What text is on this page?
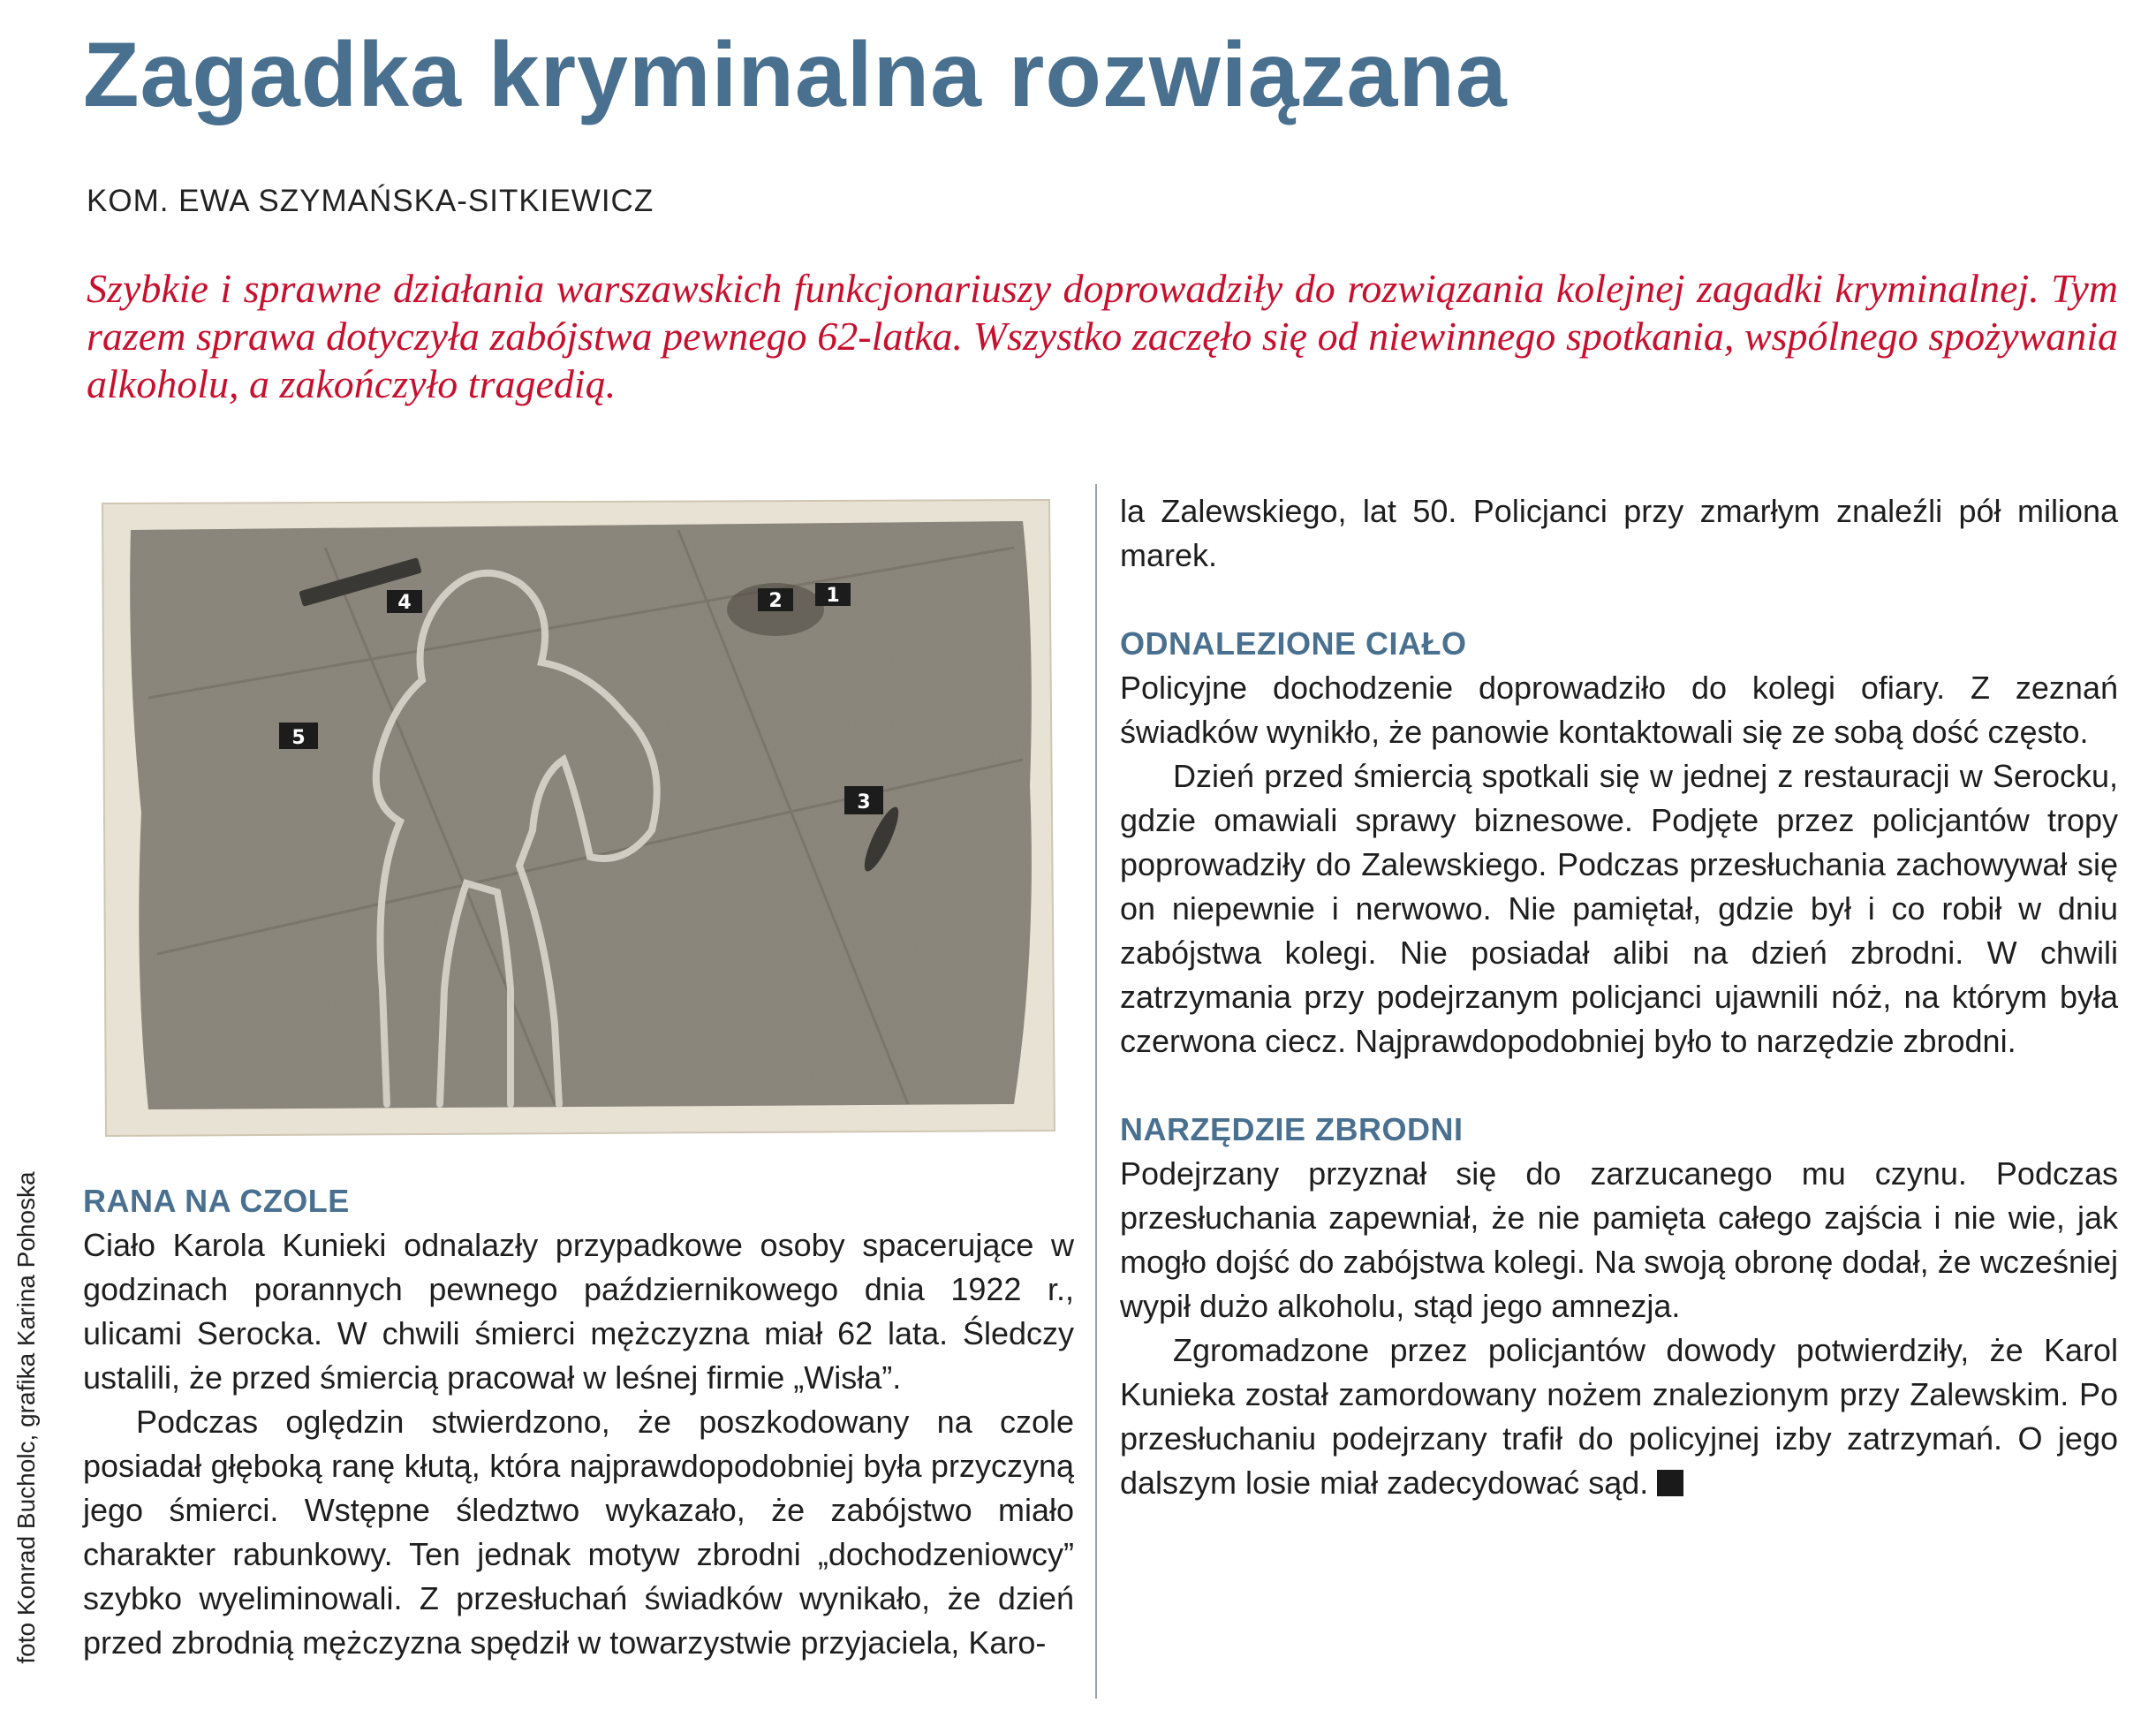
Zagadka kryminalna rozwiązana
KOM. EWA SZYMAŃSKA-SITKIEWICZ

Szybkie i sprawne działania warszawskich funkcjonariuszy doprowadziły do rozwiązania kolejnej zagadki kryminalnej. Tym razem sprawa dotyczyła zabójstwa pewnego 62-latka. Wszystko zaczęło się od niewinnego spotkania, wspólnego spożywania alkoholu, a zakończyło tragedią.

foto Konrad Bucholc, grafika Karina Pohoska
1
2
3
4
5
RANA NA CZOLE

Ciało Karola Kunieki odnalazły przypadkowe osoby spacerujące w godzinach porannych pewnego październikowego dnia 1922 r., ulicami Serocka. W chwili śmierci mężczyzna miał 62 lata. Śledczy ustalili, że przed śmiercią pracował w leśnej firmie „Wisła”.

Podczas oględzin stwierdzono, że poszkodowany na czole posiadał głęboką ranę kłutą, która najprawdopodobniej była przyczyną jego śmierci. Wstępne śledztwo wykazało, że zabójstwo miało charakter rabunkowy. Ten jednak motyw zbrodni „dochodzeniowcy” szybko wyeliminowali. Z przesłuchań świadków wynikało, że dzień przed zbrodnią mężczyzna spędził w towarzystwie przyjaciela, Karo-

la Zalewskiego, lat 50. Policjanci przy zmarłym znaleźli pół miliona marek.

ODNALEZIONE CIAŁO

Policyjne dochodzenie doprowadziło do kolegi ofiary. Z zeznań świadków wynikło, że panowie kontaktowali się ze sobą dość często.

Dzień przed śmiercią spotkali się w jednej z restauracji w Serocku, gdzie omawiali sprawy biznesowe. Podjęte przez policjantów tropy poprowadziły do Zalewskiego. Podczas przesłuchania zachowywał się on niepewnie i nerwowo. Nie pamiętał, gdzie był i co robił w dniu zabójstwa kolegi. Nie posiadał alibi na dzień zbrodni. W chwili zatrzymania przy podejrzanym policjanci ujawnili nóż, na którym była czerwona ciecz. Najprawdopodobniej było to narzędzie zbrodni.

NARZĘDZIE ZBRODNI

Podejrzany przyznał się do zarzucanego mu czynu. Podczas przesłuchania zapewniał, że nie pamięta całego zajścia i nie wie, jak mogło dojść do zabójstwa kolegi. Na swoją obronę dodał, że wcześniej wypił dużo alkoholu, stąd jego amnezja.

Zgromadzone przez policjantów dowody potwierdziły, że Karol Kunieka został zamordowany nożem znalezionym przy Zalewskim. Po przesłuchaniu podejrzany trafił do policyjnej izby zatrzymań. O jego dalszym losie miał zadecydować sąd.
